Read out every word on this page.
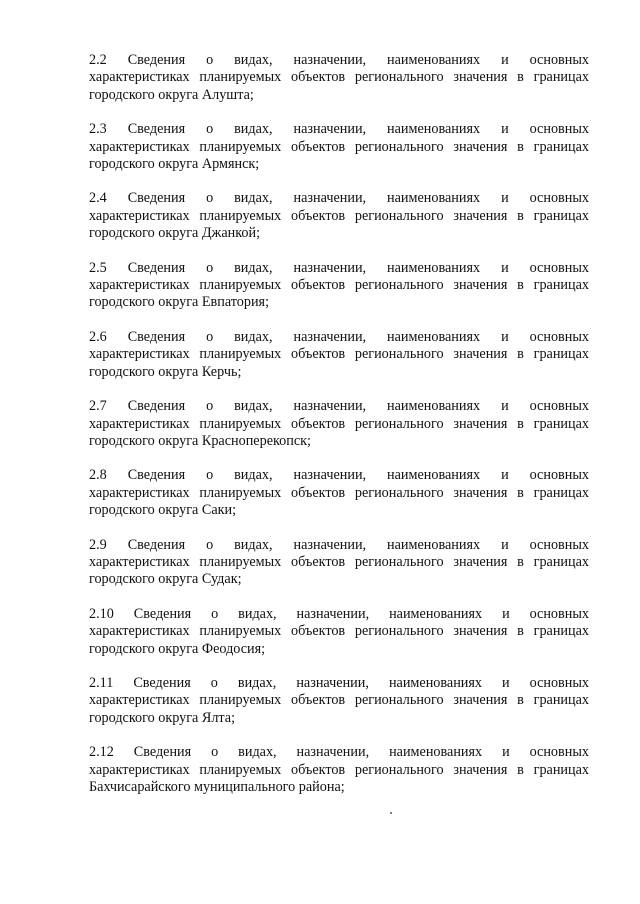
2.2 Сведения о видах, назначении, наименованиях и основных
характеристиках планируемых объектов регионального значения в границах
городского округа Алушта;
2.3 Сведения о видах, назначении, наименованиях и основных
характеристиках планируемых объектов регионального значения в границах
городского округа Армянск;
2.4 Сведения о видах, назначении, наименованиях и основных
характеристиках планируемых объектов регионального значения в границах
городского округа Джанкой;
2.5 Сведения о видах, назначении, наименованиях и основных
характеристиках планируемых объектов регионального значения в границах
городского округа Евпатория;
2.6 Сведения о видах, назначении, наименованиях и основных
характеристиках планируемых объектов регионального значения в границах
городского округа Керчь;
2.7 Сведения о видах, назначении, наименованиях и основных
характеристиках планируемых объектов регионального значения в границах
городского округа Красноперекопск;
2.8 Сведения о видах, назначении, наименованиях и основных
характеристиках планируемых объектов регионального значения в границах
городского округа Саки;
2.9 Сведения о видах, назначении, наименованиях и основных
характеристиках планируемых объектов регионального значения в границах
городского округа Судак;
2.10 Сведения о видах, назначении, наименованиях и основных
характеристиках планируемых объектов регионального значения в границах
городского округа Феодосия;
2.11 Сведения о видах, назначении, наименованиях и основных
характеристиках планируемых объектов регионального значения в границах
городского округа Ялта;
2.12 Сведения о видах, назначении, наименованиях и основных
характеристиках планируемых объектов регионального значения в границах
Бахчисарайского муниципального района;
